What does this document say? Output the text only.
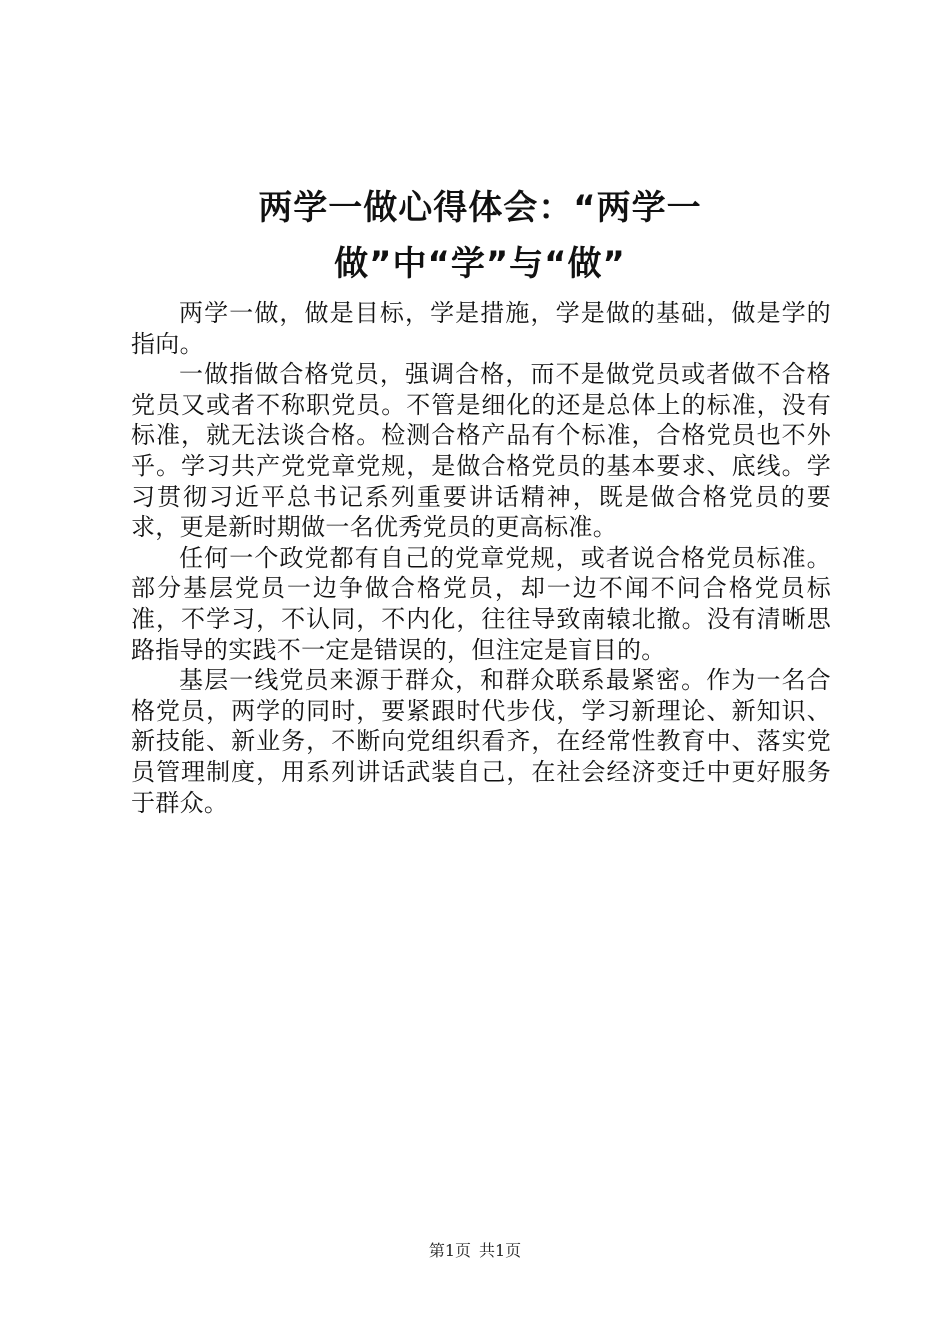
两学一做心得体会：“两学一做”中“学”与“做”

两学一做，做是目标，学是措施，学是做的基础，做是学的指向。

一做指做合格党员，强调合格，而不是做党员或者做不合格党员又或者不称职党员。不管是细化的还是总体上的标准，没有标准，就无法谈合格。检测合格产品有个标准，合格党员也不外乎。学习共产党党章党规，是做合格党员的基本要求、底线。学习贯彻习近平总书记系列重要讲话精神，既是做合格党员的要求，更是新时期做一名优秀党员的更高标准。

任何一个政党都有自己的党章党规，或者说合格党员标准。部分基层党员一边争做合格党员，却一边不闻不问合格党员标准，不学习，不认同，不内化，往往导致南辕北撤。没有清晰思路指导的实践不一定是错误的，但注定是盲目的。

基层一线党员来源于群众，和群众联系最紧密。作为一名合格党员，两学的同时，要紧跟时代步伐，学习新理论、新知识、新技能、新业务，不断向党组织看齐，在经常性教育中、落实党员管理制度，用系列讲话武装自己，在社会经济变迁中更好服务于群众。

第1页 共1页
